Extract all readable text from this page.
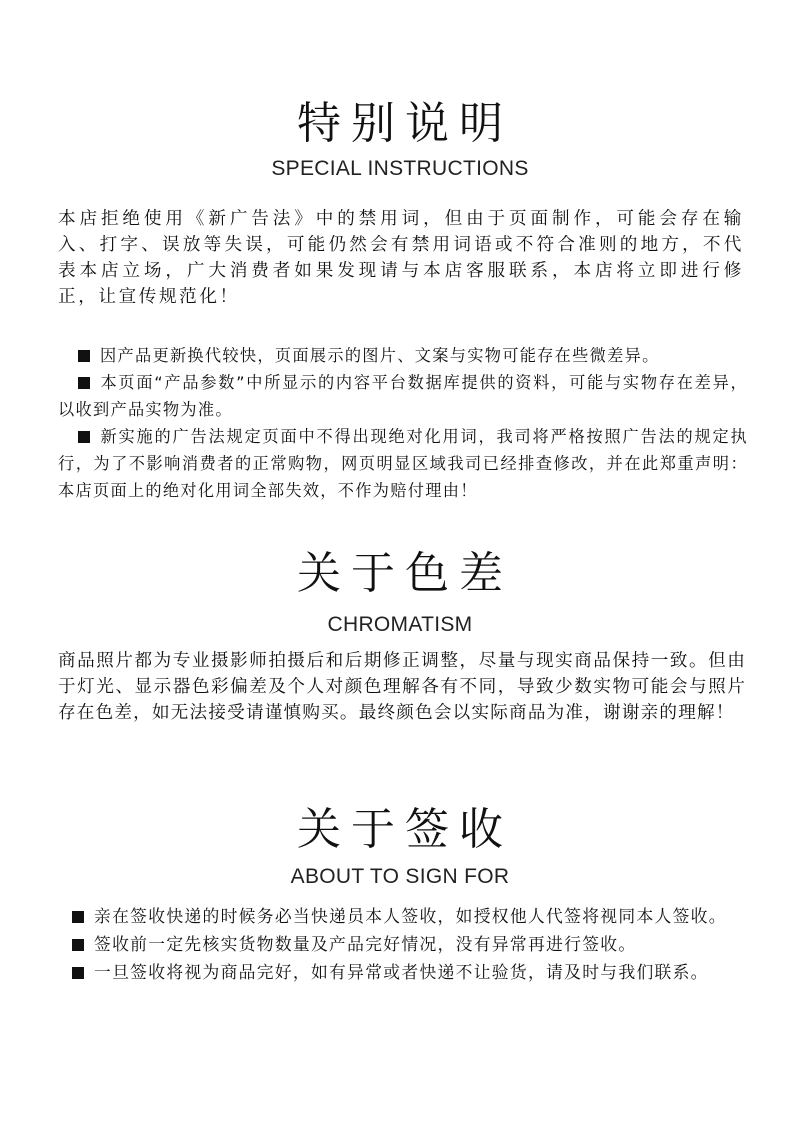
特别说明
SPECIAL INSTRUCTIONS

本店拒绝使用《新广告法》中的禁用词，但由于页面制作，可能会存在输入、打字、误放等失误，可能仍然会有禁用词语或不符合准则的地方，不代表本店立场，广大消费者如果发现请与本店客服联系，本店将立即进行修正，让宣传规范化！

因产品更新换代较快，页面展示的图片、文案与实物可能存在些微差异。
本页面“产品参数”中所显示的内容平台数据库提供的资料，可能与实物存在差异，以收到产品实物为准。
新实施的广告法规定页面中不得出现绝对化用词，我司将严格按照广告法的规定执行，为了不影响消费者的正常购物，网页明显区域我司已经排查修改，并在此郑重声明：本店页面上的绝对化用词全部失效，不作为赔付理由！
关于色差
CHROMATISM

商品照片都为专业摄影师拍摄后和后期修正调整，尽量与现实商品保持一致。但由于灯光、显示器色彩偏差及个人对颜色理解各有不同，导致少数实物可能会与照片存在色差，如无法接受请谨慎购买。最终颜色会以实际商品为准，谢谢亲的理解！

关于签收
ABOUT TO SIGN FOR
亲在签收快递的时候务必当快递员本人签收，如授权他人代签将视同本人签收。
签收前一定先核实货物数量及产品完好情况，没有异常再进行签收。
一旦签收将视为商品完好，如有异常或者快递不让验货，请及时与我们联系。
